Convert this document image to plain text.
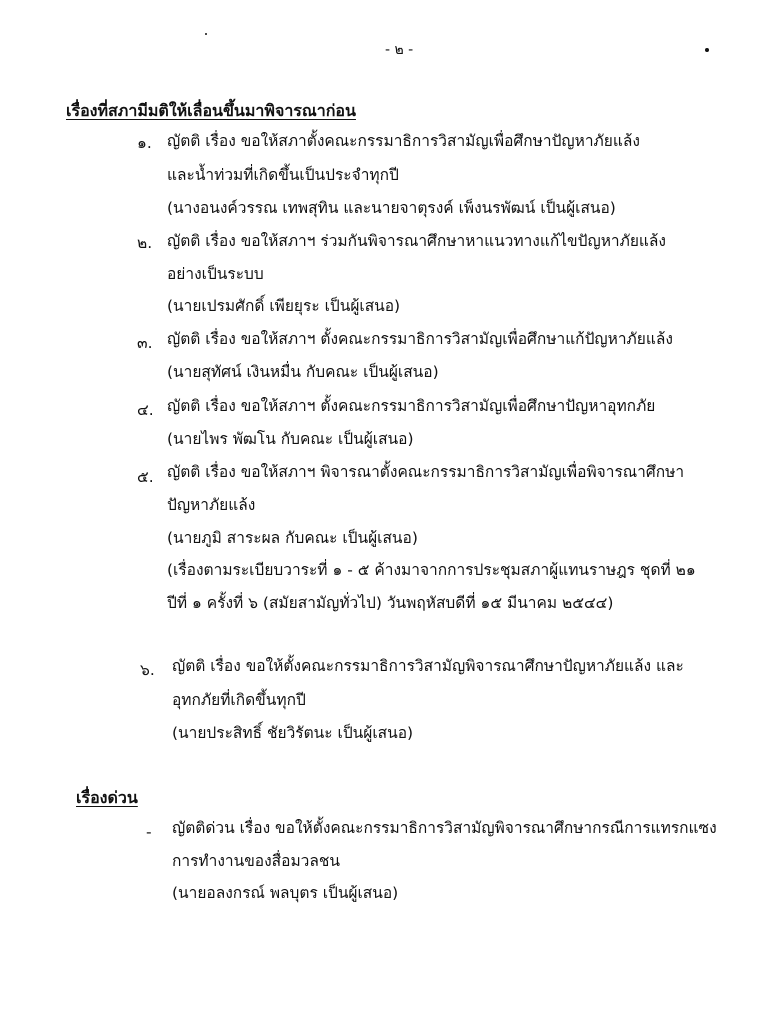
- ๒ -
เรื่องที่สภามีมติให้เลื่อนขึ้นมาพิจารณาก่อน
๑. ญัตติ เรื่อง ขอให้สภาตั้งคณะกรรมาธิการวิสามัญเพื่อศึกษาปัญหาภัยแล้ง
และน้ำท่วมที่เกิดขึ้นเป็นประจำทุกปี
(นางอนงค์วรรณ เทพสุทิน และนายจาตุรงค์ เพ็งนรพัฒน์ เป็นผู้เสนอ)
๒. ญัตติ เรื่อง ขอให้สภาฯ ร่วมกันพิจารณาศึกษาหาแนวทางแก้ไขปัญหาภัยแล้ง
อย่างเป็นระบบ
(นายเปรมศักดิ์ เพียยุระ เป็นผู้เสนอ)
๓. ญัตติ เรื่อง ขอให้สภาฯ ตั้งคณะกรรมาธิการวิสามัญเพื่อศึกษาแก้ปัญหาภัยแล้ง
(นายสุทัศน์ เงินหมื่น กับคณะ เป็นผู้เสนอ)
๔. ญัตติ เรื่อง ขอให้สภาฯ ตั้งคณะกรรมาธิการวิสามัญเพื่อศึกษาปัญหาอุทกภัย
(นายไพร พัฒโน กับคณะ เป็นผู้เสนอ)
๕. ญัตติ เรื่อง ขอให้สภาฯ พิจารณาตั้งคณะกรรมาธิการวิสามัญเพื่อพิจารณาศึกษา
ปัญหาภัยแล้ง
(นายภูมิ สาระผล กับคณะ เป็นผู้เสนอ)
(เรื่องตามระเบียบวาระที่ ๑ - ๕ ค้างมาจากการประชุมสภาผู้แทนราษฎร ชุดที่ ๒๑
ปีที่ ๑ ครั้งที่ ๖ (สมัยสามัญทั่วไป) วันพฤหัสบดีที่ ๑๕ มีนาคม ๒๕๔๔)
๖. ญัตติ เรื่อง ขอให้ตั้งคณะกรรมาธิการวิสามัญพิจารณาศึกษาปัญหาภัยแล้ง และ
อุทกภัยที่เกิดขึ้นทุกปี
(นายประสิทธิ์ ชัยวิรัตนะ เป็นผู้เสนอ)
เรื่องด่วน
- ญัตติด่วน เรื่อง ขอให้ตั้งคณะกรรมาธิการวิสามัญพิจารณาศึกษากรณีการแทรกแซง
การทำงานของสื่อมวลชน
(นายอลงกรณ์ พลบุตร เป็นผู้เสนอ)
